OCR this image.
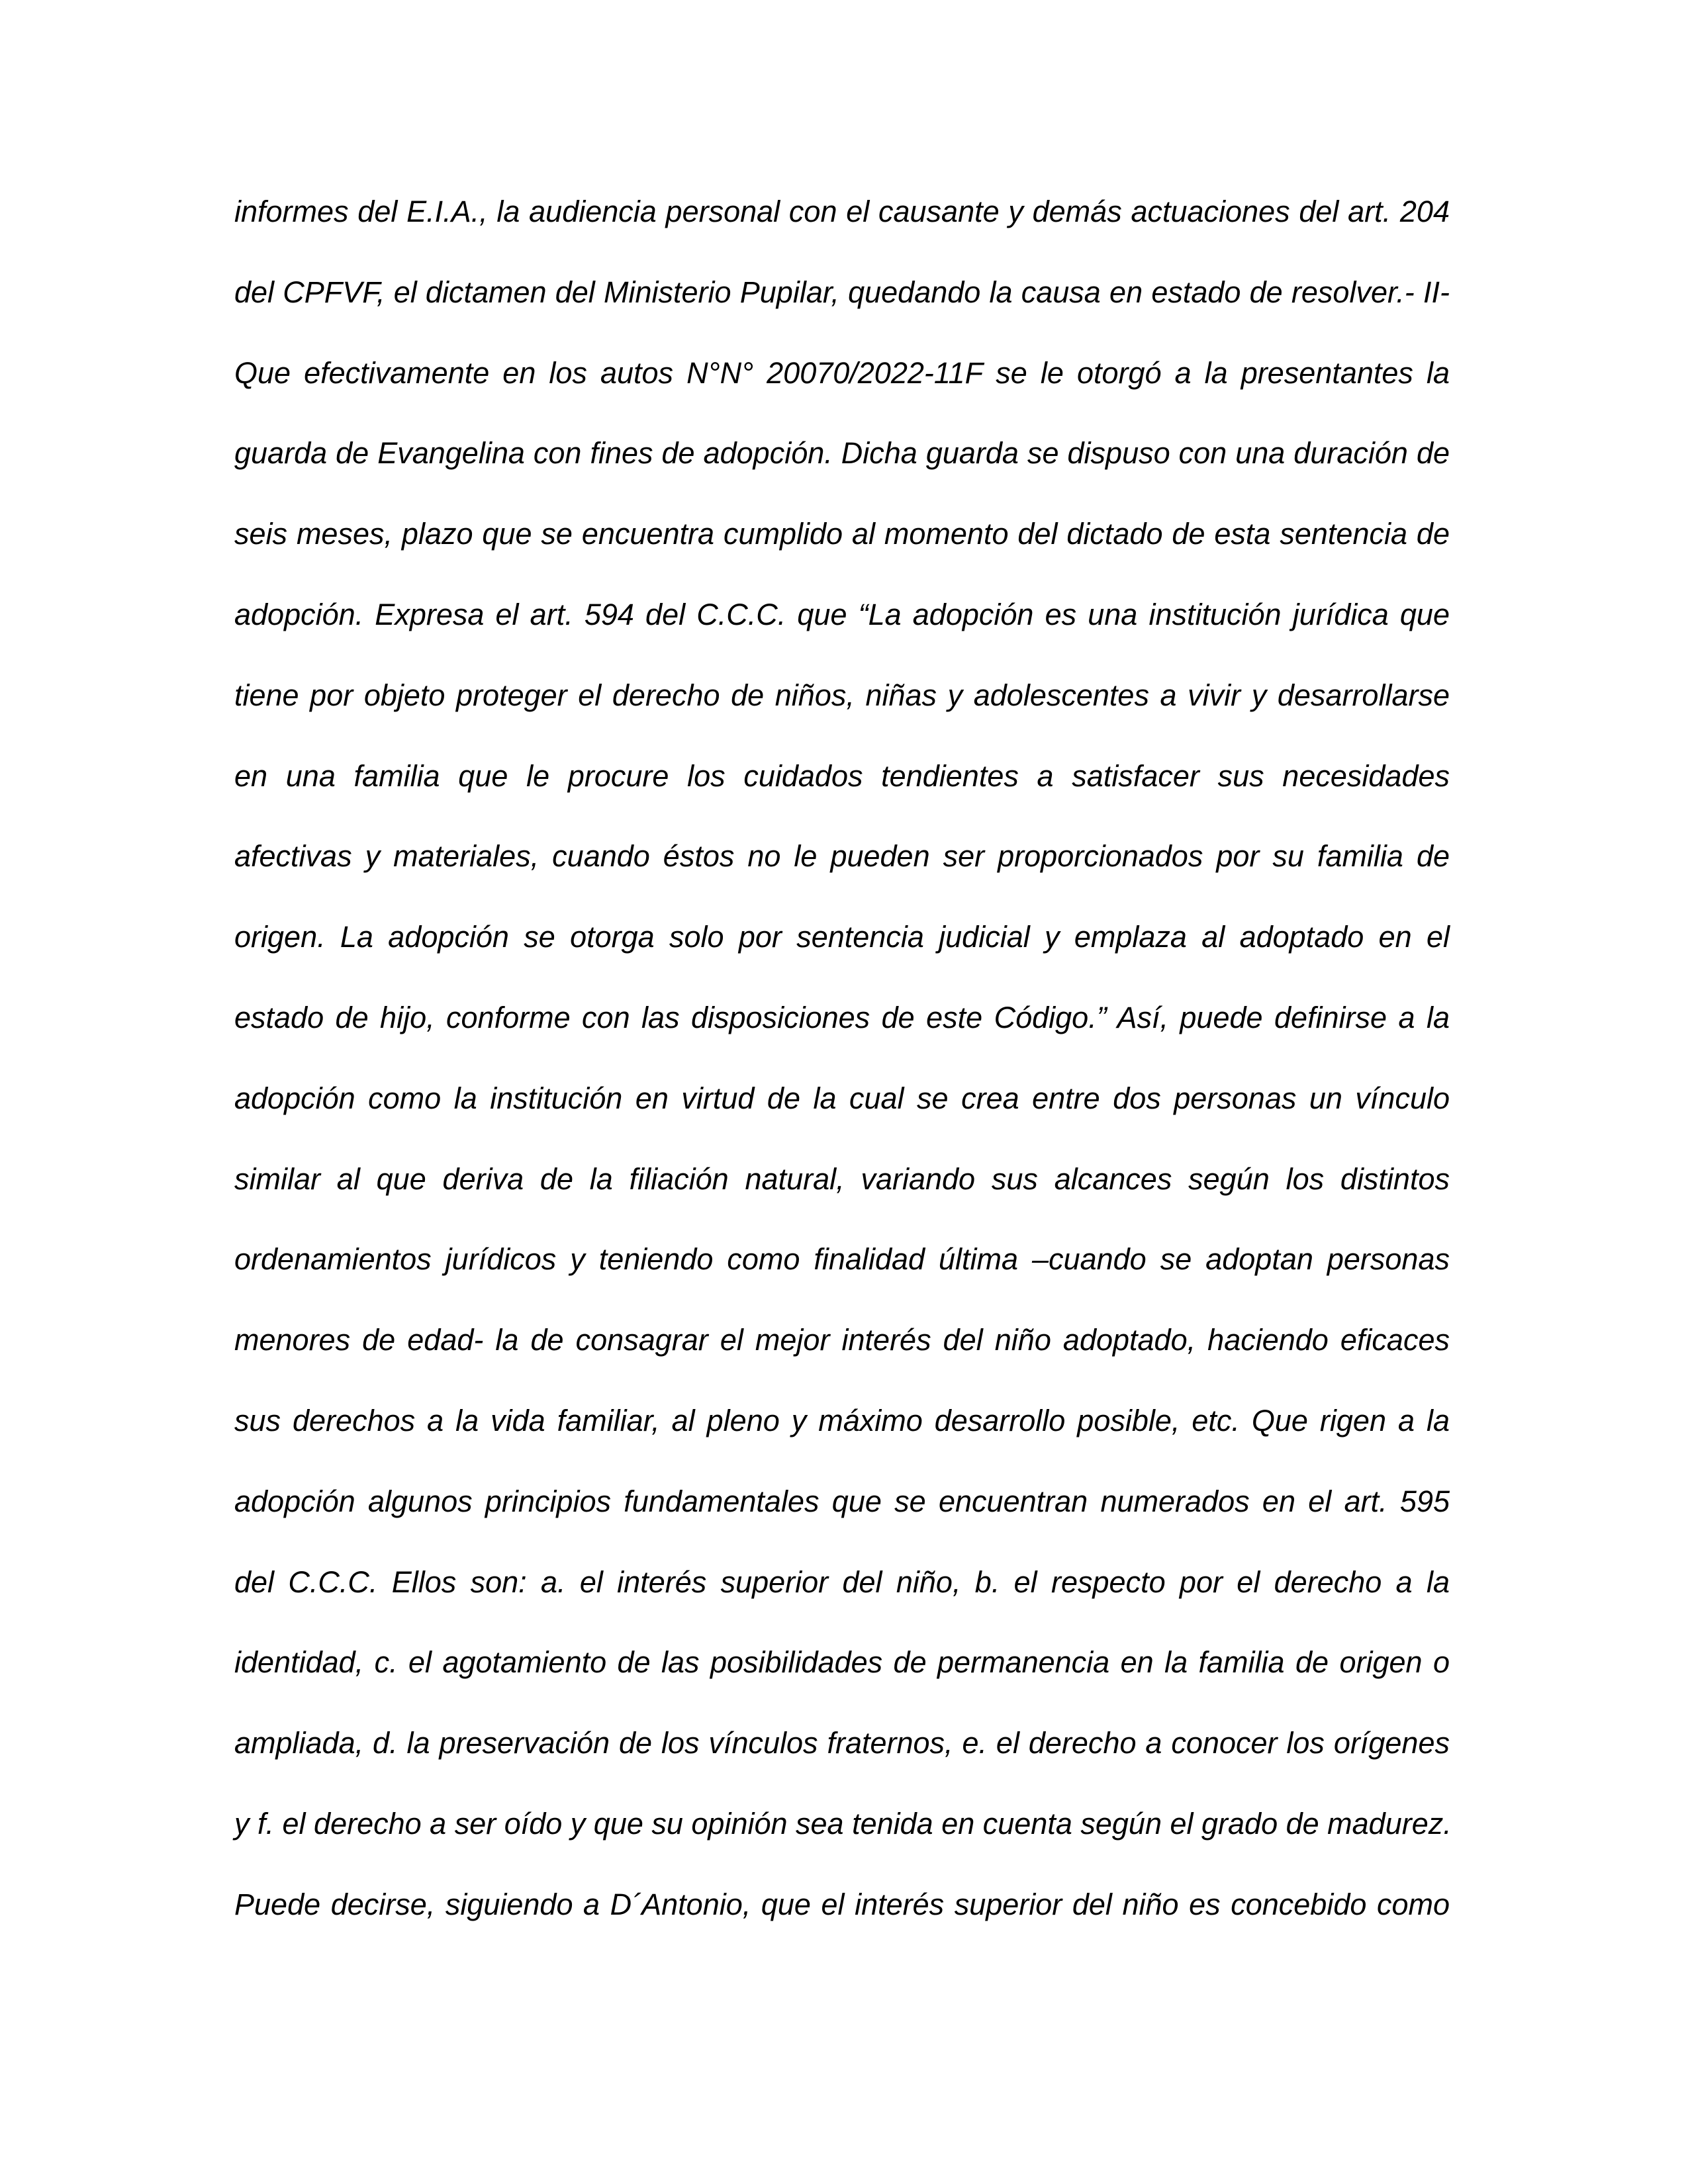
informes del E.I.A., la audiencia personal con el causante y demás actuaciones del art. 204
del CPFVF, el dictamen del Ministerio Pupilar, quedando la causa en estado de resolver.- II-
Que efectivamente en los autos N°N° 20070/2022-11F se le otorgó a la presentantes la
guarda de Evangelina con fines de adopción. Dicha guarda se dispuso con una duración de
seis meses, plazo que se encuentra cumplido al momento del dictado de esta sentencia de
adopción. Expresa el art. 594 del C.C.C. que “La adopción es una institución jurídica que
tiene por objeto proteger el derecho de niños, niñas y adolescentes a vivir y desarrollarse
en una familia que le procure los cuidados tendientes a satisfacer sus necesidades
afectivas y materiales, cuando éstos no le pueden ser proporcionados por su familia de
origen. La adopción se otorga solo por sentencia judicial y emplaza al adoptado en el
estado de hijo, conforme con las disposiciones de este Código.” Así, puede definirse a la
adopción como la institución en virtud de la cual se crea entre dos personas un vínculo
similar al que deriva de la filiación natural, variando sus alcances según los distintos
ordenamientos jurídicos y teniendo como finalidad última –cuando se adoptan personas
menores de edad- la de consagrar el mejor interés del niño adoptado, haciendo eficaces
sus derechos a la vida familiar, al pleno y máximo desarrollo posible, etc. Que rigen a la
adopción algunos principios fundamentales que se encuentran numerados en el art. 595
del C.C.C. Ellos son: a. el interés superior del niño, b. el respecto por el derecho a la
identidad, c. el agotamiento de las posibilidades de permanencia en la familia de origen o
ampliada, d. la preservación de los vínculos fraternos, e. el derecho a conocer los orígenes
y f. el derecho a ser oído y que su opinión sea tenida en cuenta según el grado de madurez.
Puede decirse, siguiendo a D´Antonio, que el interés superior del niño es concebido como
